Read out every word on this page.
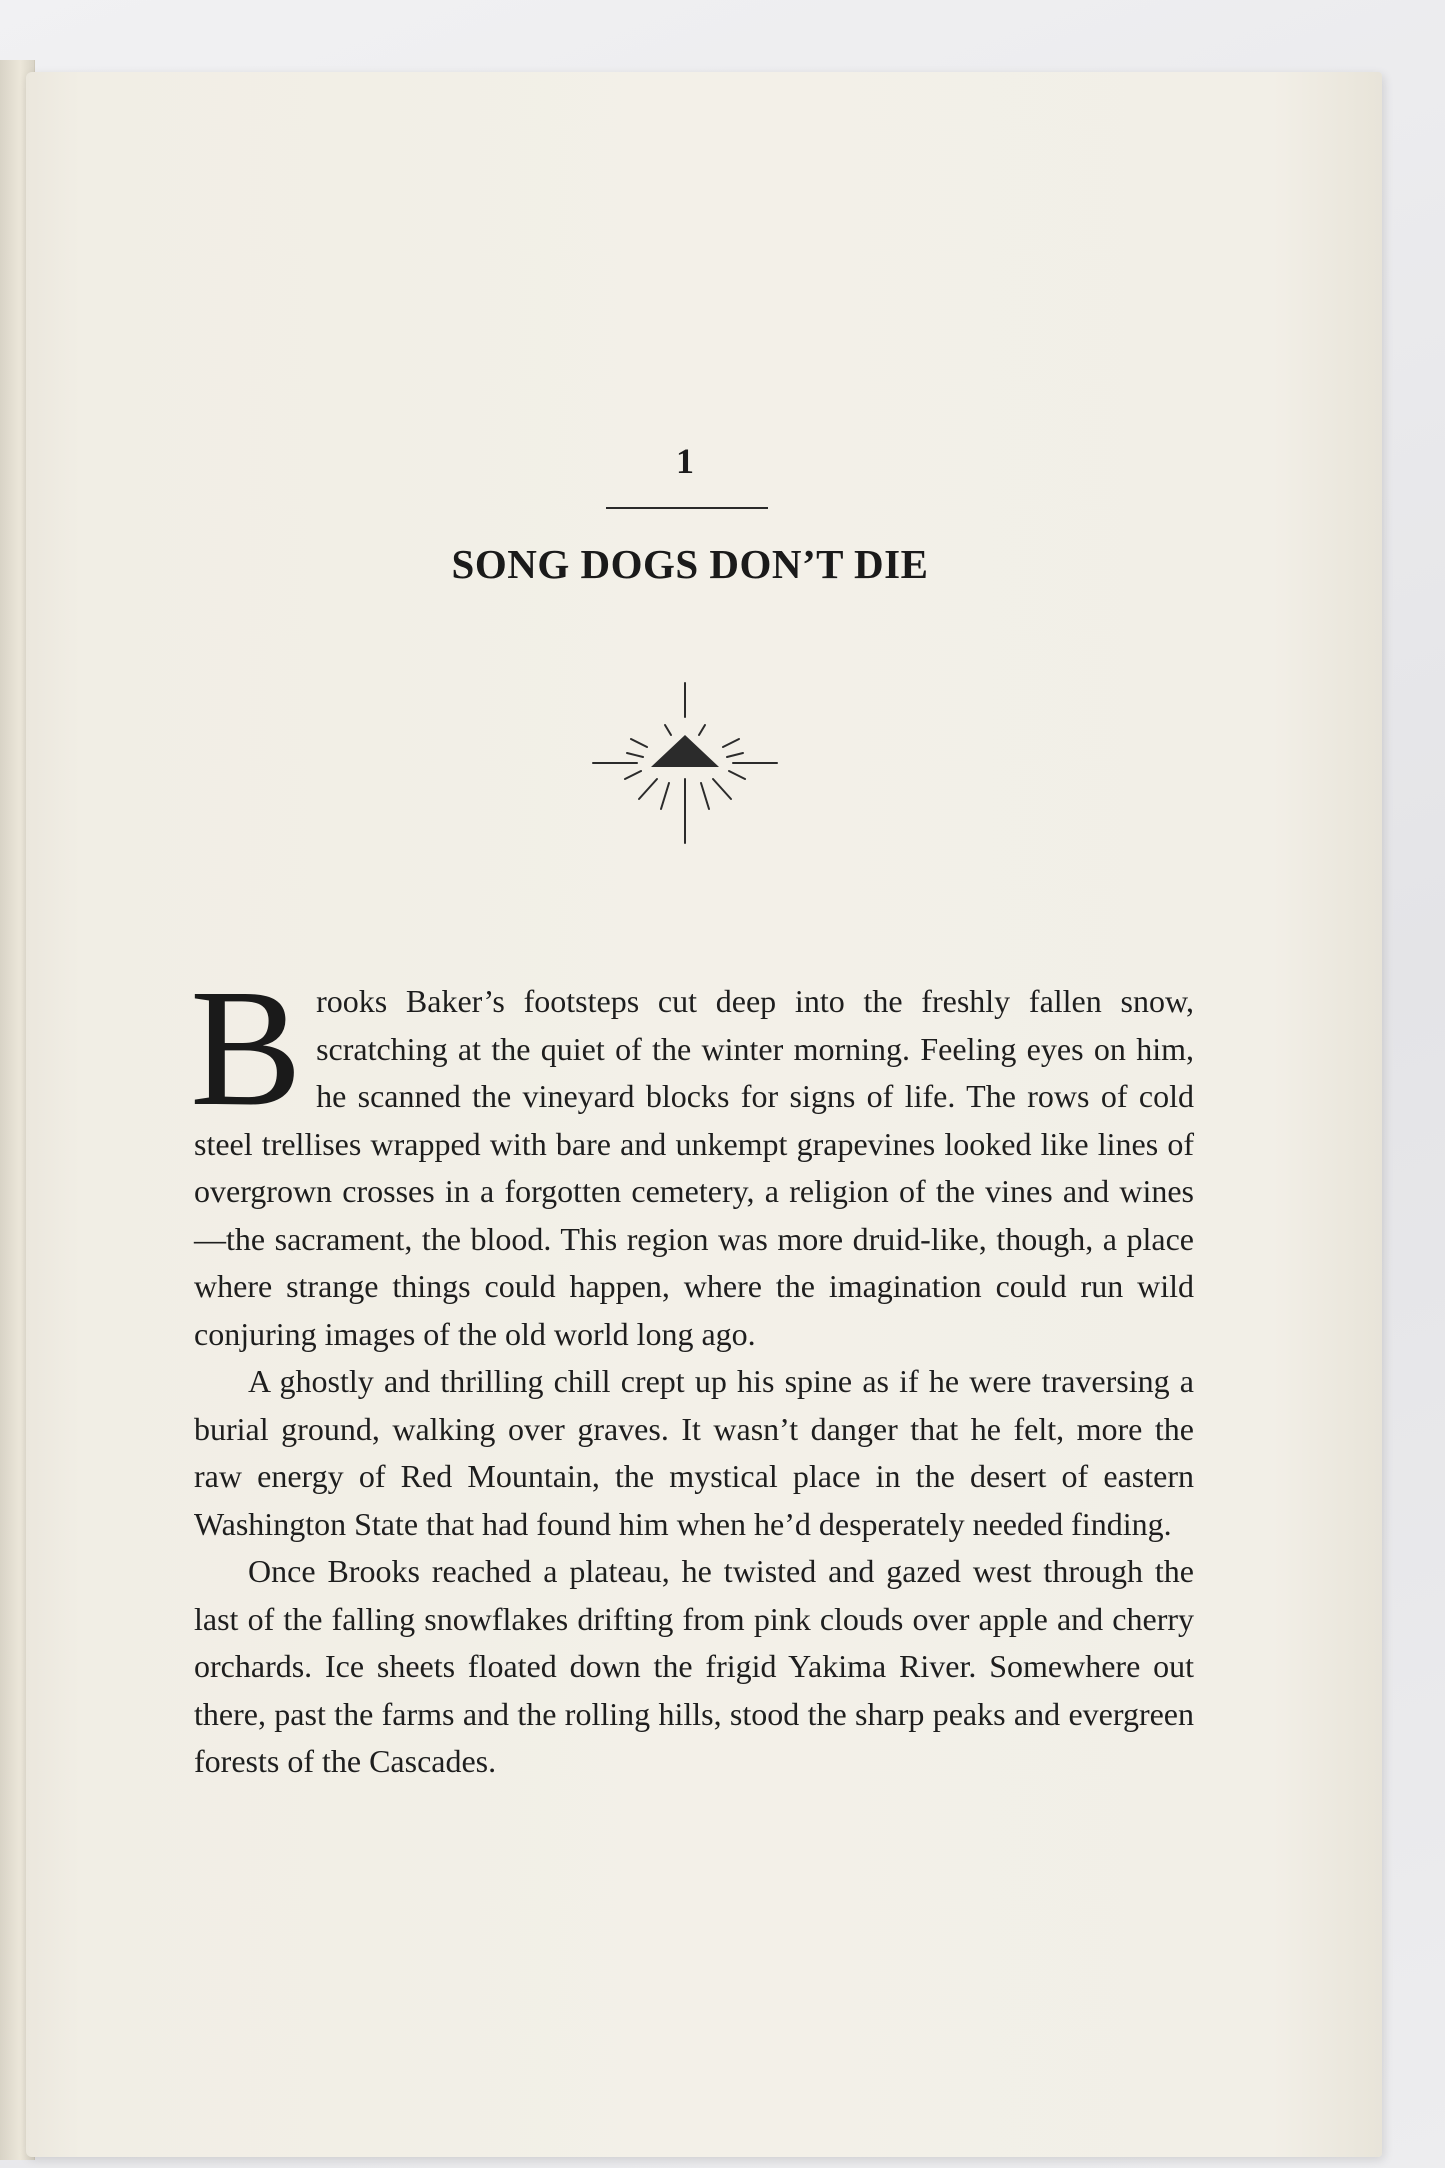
1
SONG DOGS DON’T DIE

Brooks Baker’s footsteps cut deep into the freshly fallen snow, scratching at the quiet of the winter morning. Feeling eyes on him, he scanned the vineyard blocks for signs of life. The rows of cold steel trellises wrapped with bare and unkempt grapevines looked like lines of overgrown crosses in a forgotten cemetery, a religion of the vines and wines—the sacrament, the blood. This region was more druid-like, though, a place where strange things could happen, where the imagination could run wild conjuring images of the old world long ago.

A ghostly and thrilling chill crept up his spine as if he were traversing a burial ground, walking over graves. It wasn’t danger that he felt, more the raw energy of Red Mountain, the mystical place in the desert of eastern Washington State that had found him when he’d desperately needed finding.

Once Brooks reached a plateau, he twisted and gazed west through the last of the falling snowflakes drifting from pink clouds over apple and cherry orchards. Ice sheets floated down the frigid Yakima River. Somewhere out there, past the farms and the rolling hills, stood the sharp peaks and evergreen forests of the Cascades.
